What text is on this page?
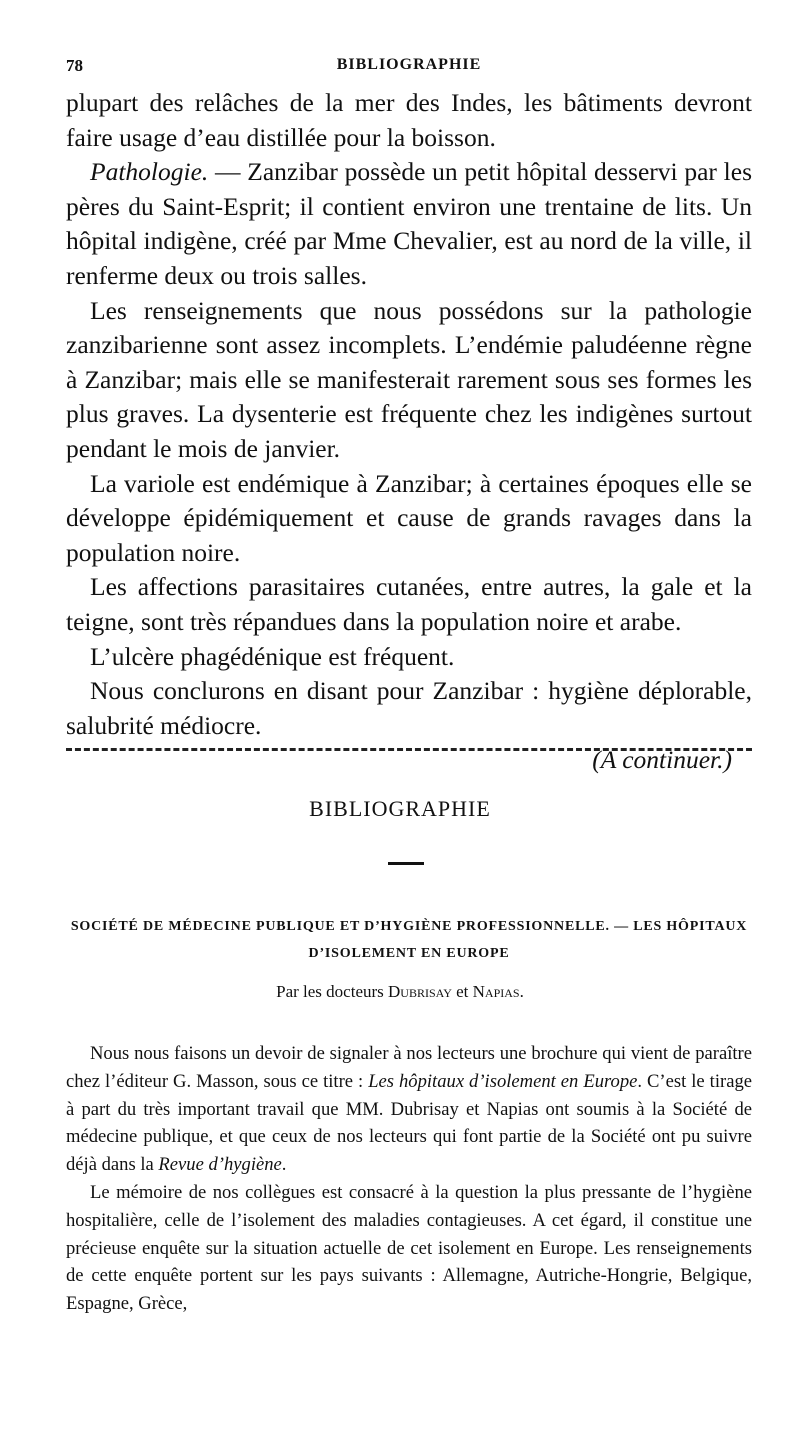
78	BIBLIOGRAPHIE

plupart des relâches de la mer des Indes, les bâtiments devront faire usage d’eau distillée pour la boisson.

Pathologie. — Zanzibar possède un petit hôpital desservi par les pères du Saint-Esprit; il contient environ une trentaine de lits. Un hôpital indigène, créé par Mme Chevalier, est au nord de la ville, il renferme deux ou trois salles.

Les renseignements que nous possédons sur la pathologie zanzibarienne sont assez incomplets. L’endémie paludéenne règne à Zanzibar; mais elle se manifesterait rarement sous ses formes les plus graves. La dysenterie est fréquente chez les indigènes surtout pendant le mois de janvier.

La variole est endémique à Zanzibar; à certaines époques elle se développe épidémiquement et cause de grands ravages dans la population noire.

Les affections parasitaires cutanées, entre autres, la gale et la teigne, sont très répandues dans la population noire et arabe.

L’ulcère phagédénique est fréquent.

Nous conclurons en disant pour Zanzibar : hygiène déplorable, salubrité médiocre.

(A continuer.)

BIBLIOGRAPHIE
SOCIÉTÉ DE MÉDECINE PUBLIQUE ET D’HYGIÈNE PROFESSIONNELLE. — LES HÔPITAUX
D’ISOLEMENT EN EUROPE
Par les docteurs Dubrisay et Napias.

Nous nous faisons un devoir de signaler à nos lecteurs une brochure qui vient de paraître chez l’éditeur G. Masson, sous ce titre : Les hôpitaux d’isolement en Europe. C’est le tirage à part du très important travail que MM. Dubrisay et Napias ont soumis à la Société de médecine publique, et que ceux de nos lecteurs qui font partie de la Société ont pu suivre déjà dans la Revue d’hygiène.

Le mémoire de nos collègues est consacré à la question la plus pressante de l’hygiène hospitalière, celle de l’isolement des maladies contagieuses. A cet égard, il constitue une précieuse enquête sur la situation actuelle de cet isolement en Europe. Les renseignements de cette enquête portent sur les pays suivants : Allemagne, Autriche-Hongrie, Belgique, Espagne, Grèce,
